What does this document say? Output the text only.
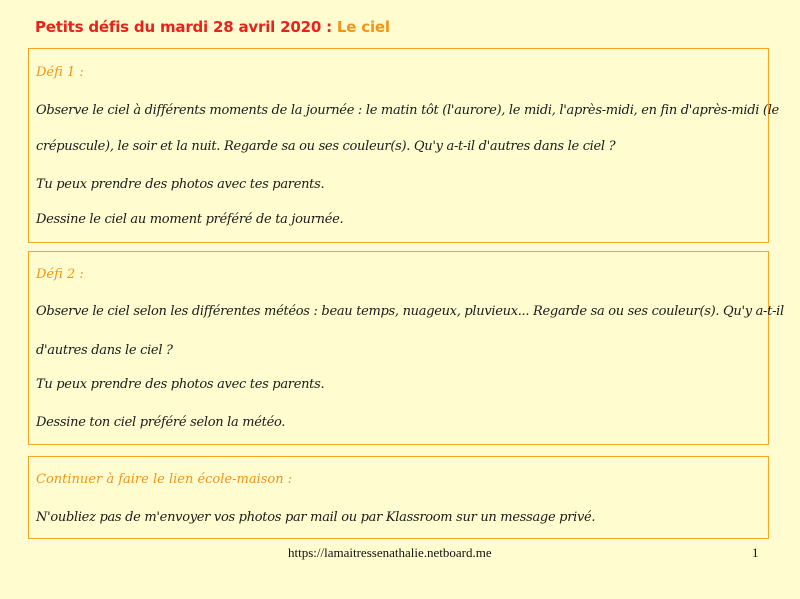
Petits défis du mardi 28 avril 2020 : Le ciel
Défi 1 :
Observe le ciel à différents moments de la journée : le matin tôt (l'aurore), le midi, l'après-midi, en fin d'après-midi (le
crépuscule), le soir et la nuit. Regarde sa ou ses couleur(s). Qu'y a-t-il d'autres dans le ciel ?
Tu peux prendre des photos avec tes parents.
Dessine le ciel au moment préféré de ta journée.
Défi 2 :
Observe le ciel selon les différentes météos : beau temps, nuageux, pluvieux... Regarde sa ou ses couleur(s). Qu'y a-t-il
d'autres dans le ciel ?
Tu peux prendre des photos avec tes parents.
Dessine ton ciel préféré selon la météo.
Continuer à faire le lien école-maison :
N'oubliez pas de m'envoyer vos photos par mail ou par Klassroom sur un message privé.
https://lamaitressenathalie.netboard.me	1
